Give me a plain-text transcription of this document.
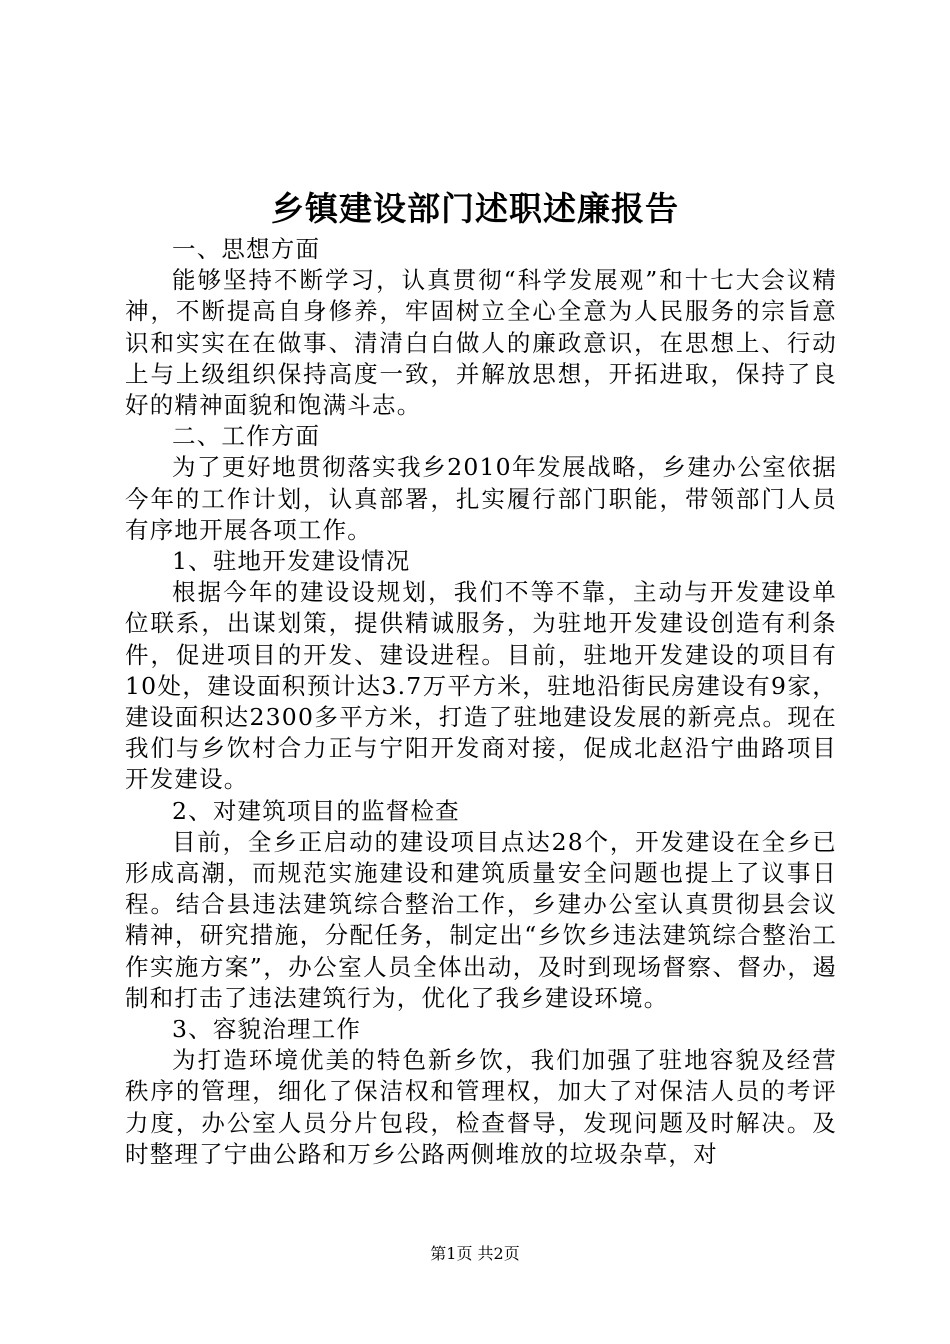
乡镇建设部门述职述廉报告

一、思想方面

能够坚持不断学习，认真贯彻“科学发展观”和十七大会议精神，不断提高自身修养，牢固树立全心全意为人民服务的宗旨意识和实实在在做事、清清白白做人的廉政意识，在思想上、行动上与上级组织保持高度一致，并解放思想，开拓进取，保持了良好的精神面貌和饱满斗志。

二、工作方面

为了更好地贯彻落实我乡2010年发展战略，乡建办公室依据今年的工作计划，认真部署，扎实履行部门职能，带领部门人员有序地开展各项工作。

1、驻地开发建设情况

根据今年的建设设规划，我们不等不靠，主动与开发建设单位联系，出谋划策，提供精诚服务，为驻地开发建设创造有利条件，促进项目的开发、建设进程。目前，驻地开发建设的项目有10处，建设面积预计达3.7万平方米，驻地沿街民房建设有9家，建设面积达2300多平方米，打造了驻地建设发展的新亮点。现在我们与乡饮村合力正与宁阳开发商对接，促成北赵沿宁曲路项目开发建设。

2、对建筑项目的监督检查

目前，全乡正启动的建设项目点达28个，开发建设在全乡已形成高潮，而规范实施建设和建筑质量安全问题也提上了议事日程。结合县违法建筑综合整治工作，乡建办公室认真贯彻县会议精神，研究措施，分配任务，制定出“乡饮乡违法建筑综合整治工作实施方案”，办公室人员全体出动，及时到现场督察、督办，遏制和打击了违法建筑行为，优化了我乡建设环境。

3、容貌治理工作

为打造环境优美的特色新乡饮，我们加强了驻地容貌及经营秩序的管理，细化了保洁权和管理权，加大了对保洁人员的考评力度，办公室人员分片包段，检查督导，发现问题及时解决。及时整理了宁曲公路和万乡公路两侧堆放的垃圾杂草，对

第1页 共2页
